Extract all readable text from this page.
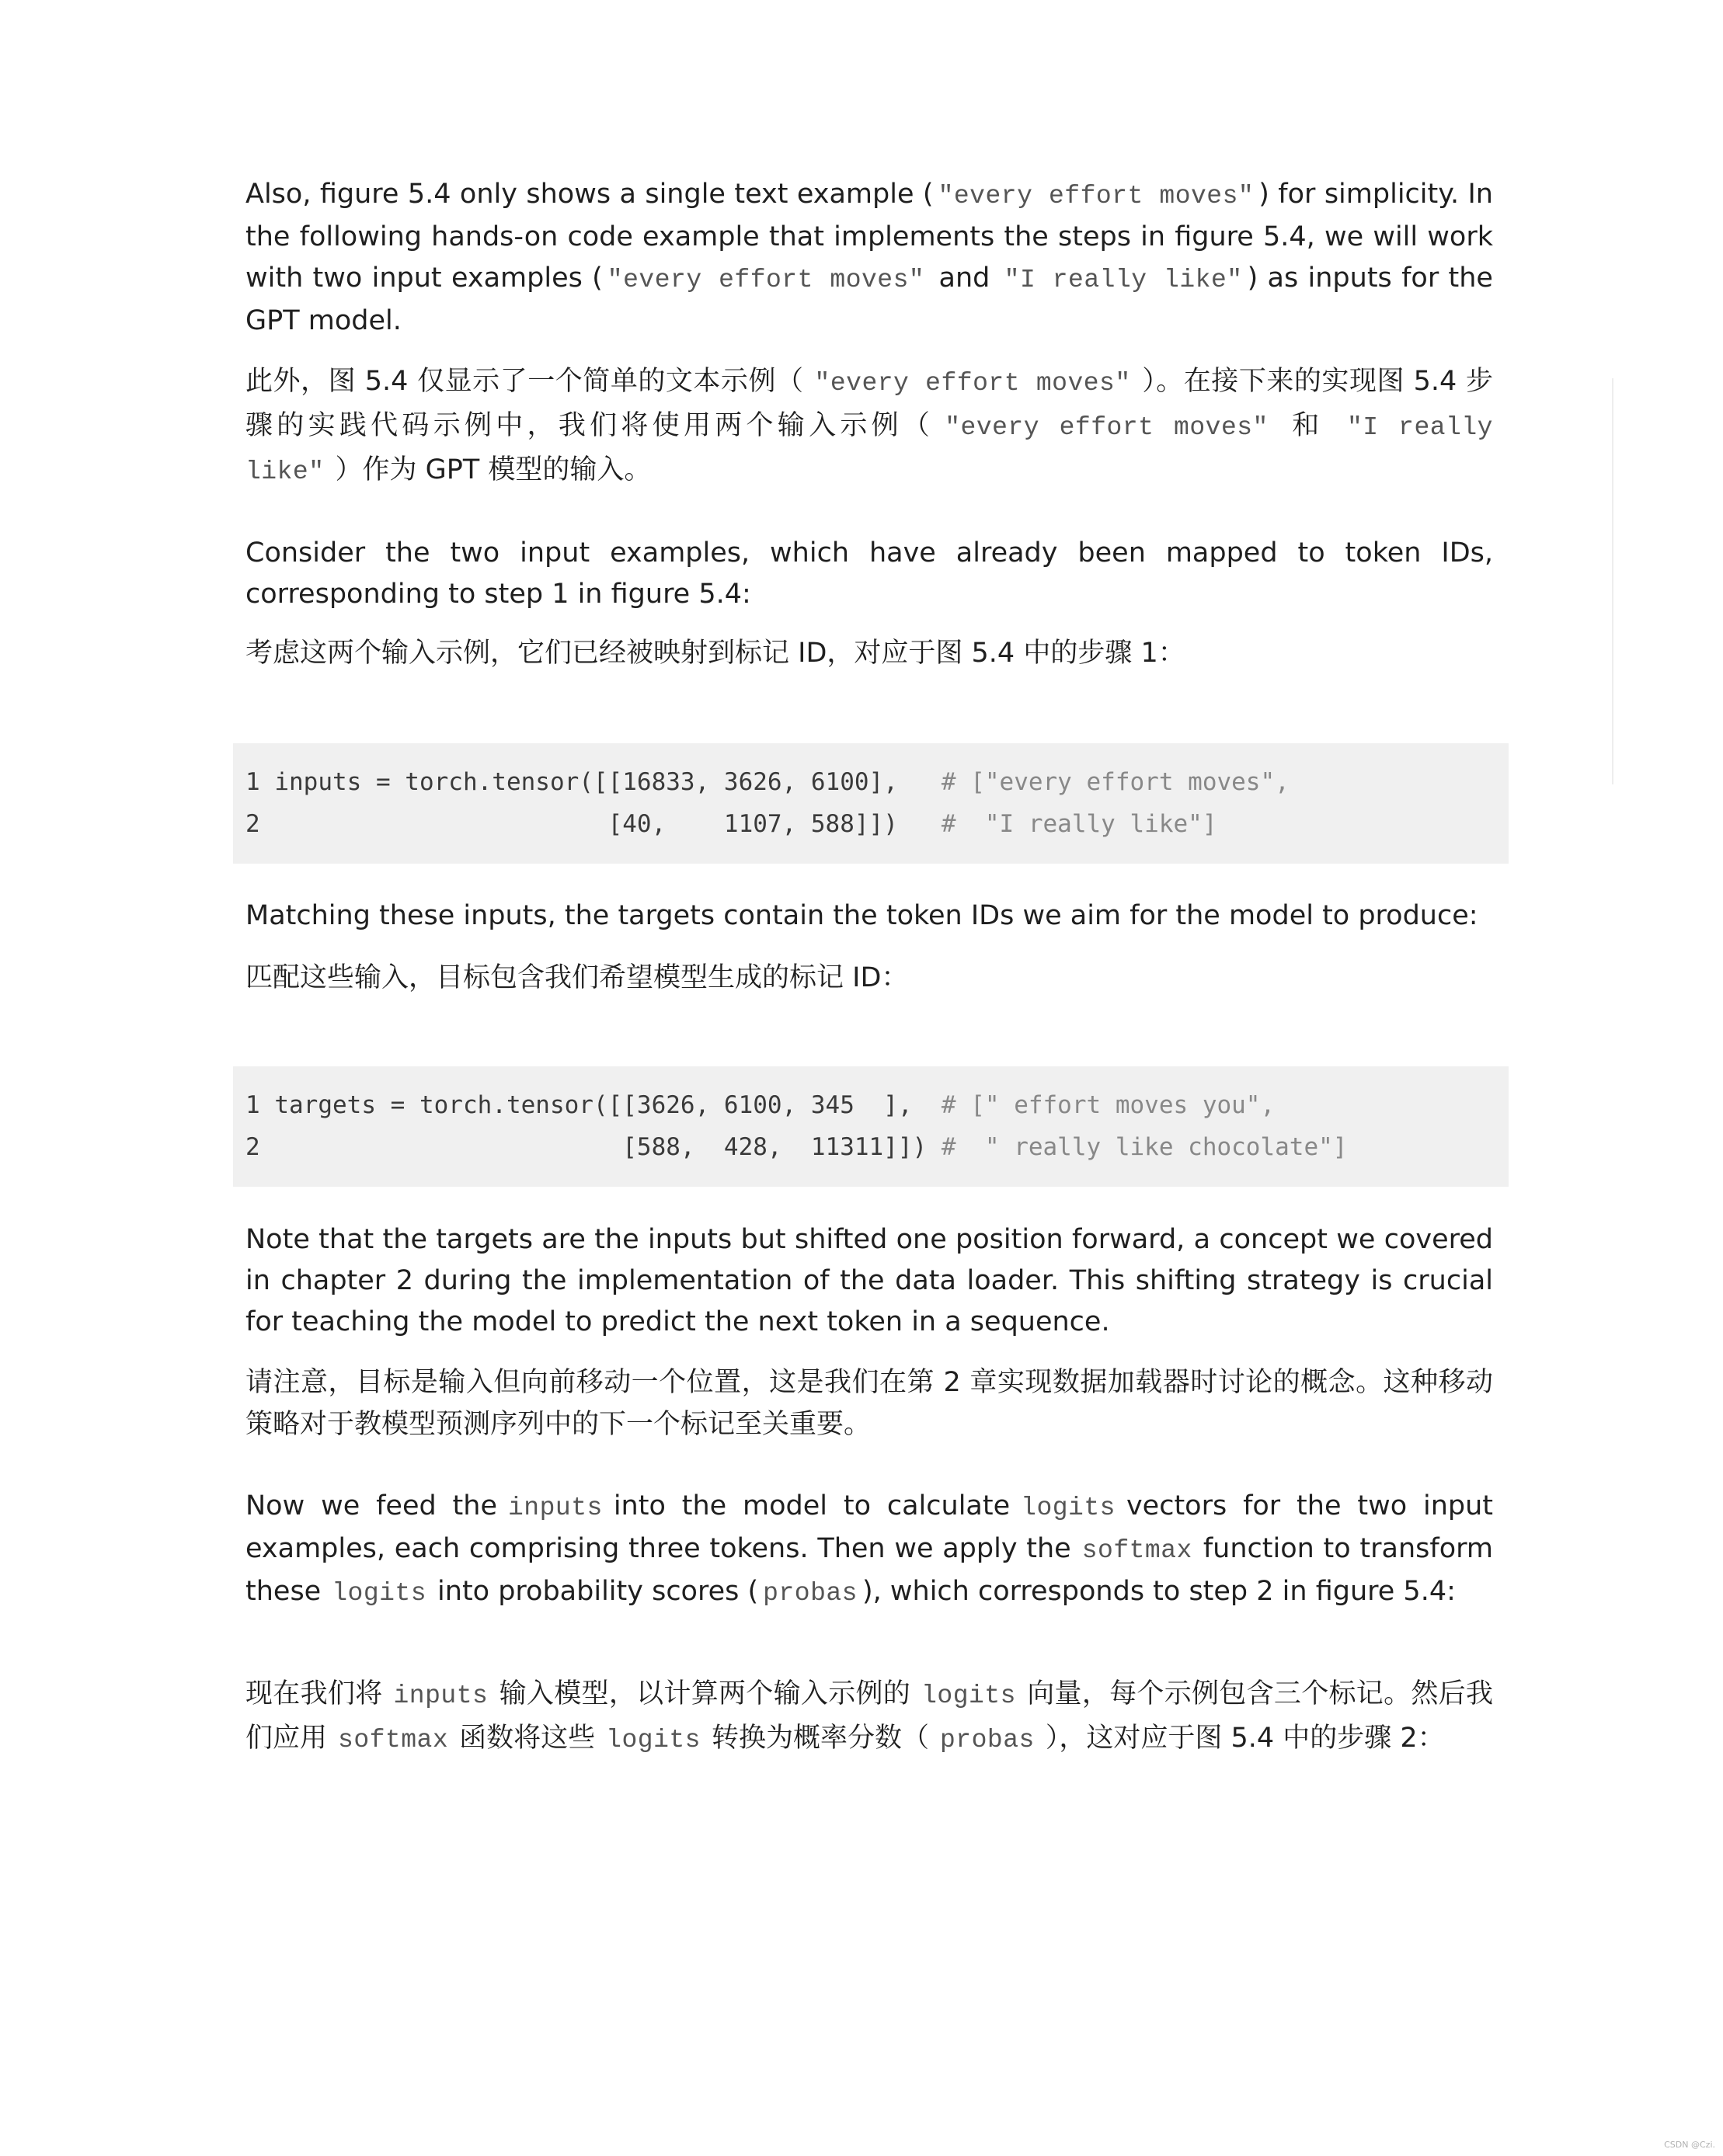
Also, figure 5.4 only shows a single text example ( "every effort moves" ) for simplicity. In the following hands-on code example that implements the steps in figure 5.4, we will work with two input examples ( "every effort moves" and "I really like" ) as inputs for the GPT model.

此外，图 5.4 仅显示了一个简单的文本示例（ "every effort moves" ）。在接下来的实现图 5.4 步骤的实践代码示例中，我们将使用两个输入示例（ "every effort moves" 和 "I really like" ）作为 GPT 模型的输入。

Consider the two input examples, which have already been mapped to token IDs, corresponding to step 1 in figure 5.4:

考虑这两个输入示例，它们已经被映射到标记 ID，对应于图 5.4 中的步骤 1：

1 inputs = torch.tensor([[16833, 3626, 6100],   # ["every effort moves",
2                        [40,    1107, 588]])   #  "I really like"]

Matching these inputs, the targets contain the token IDs we aim for the model to produce:

匹配这些输入，目标包含我们希望模型生成的标记 ID：

1 targets = torch.tensor([[3626, 6100, 345  ],  # [" effort moves you",
2                         [588,  428,  11311]]) #  " really like chocolate"]

Note that the targets are the inputs but shifted one position forward, a concept we covered in chapter 2 during the implementation of the data loader. This shifting strategy is crucial for teaching the model to predict the next token in a sequence.

请注意，目标是输入但向前移动一个位置，这是我们在第 2 章实现数据加载器时讨论的概念。这种移动策略对于教模型预测序列中的下一个标记至关重要。

Now we feed the inputs into the model to calculate logits vectors for the two input examples, each comprising three tokens. Then we apply the softmax function to transform these logits into probability scores ( probas ), which corresponds to step 2 in figure 5.4:

现在我们将 inputs 输入模型，以计算两个输入示例的 logits 向量，每个示例包含三个标记。然后我们应用 softmax 函数将这些 logits 转换为概率分数（ probas ），这对应于图 5.4 中的步骤 2：

CSDN @Czi.
